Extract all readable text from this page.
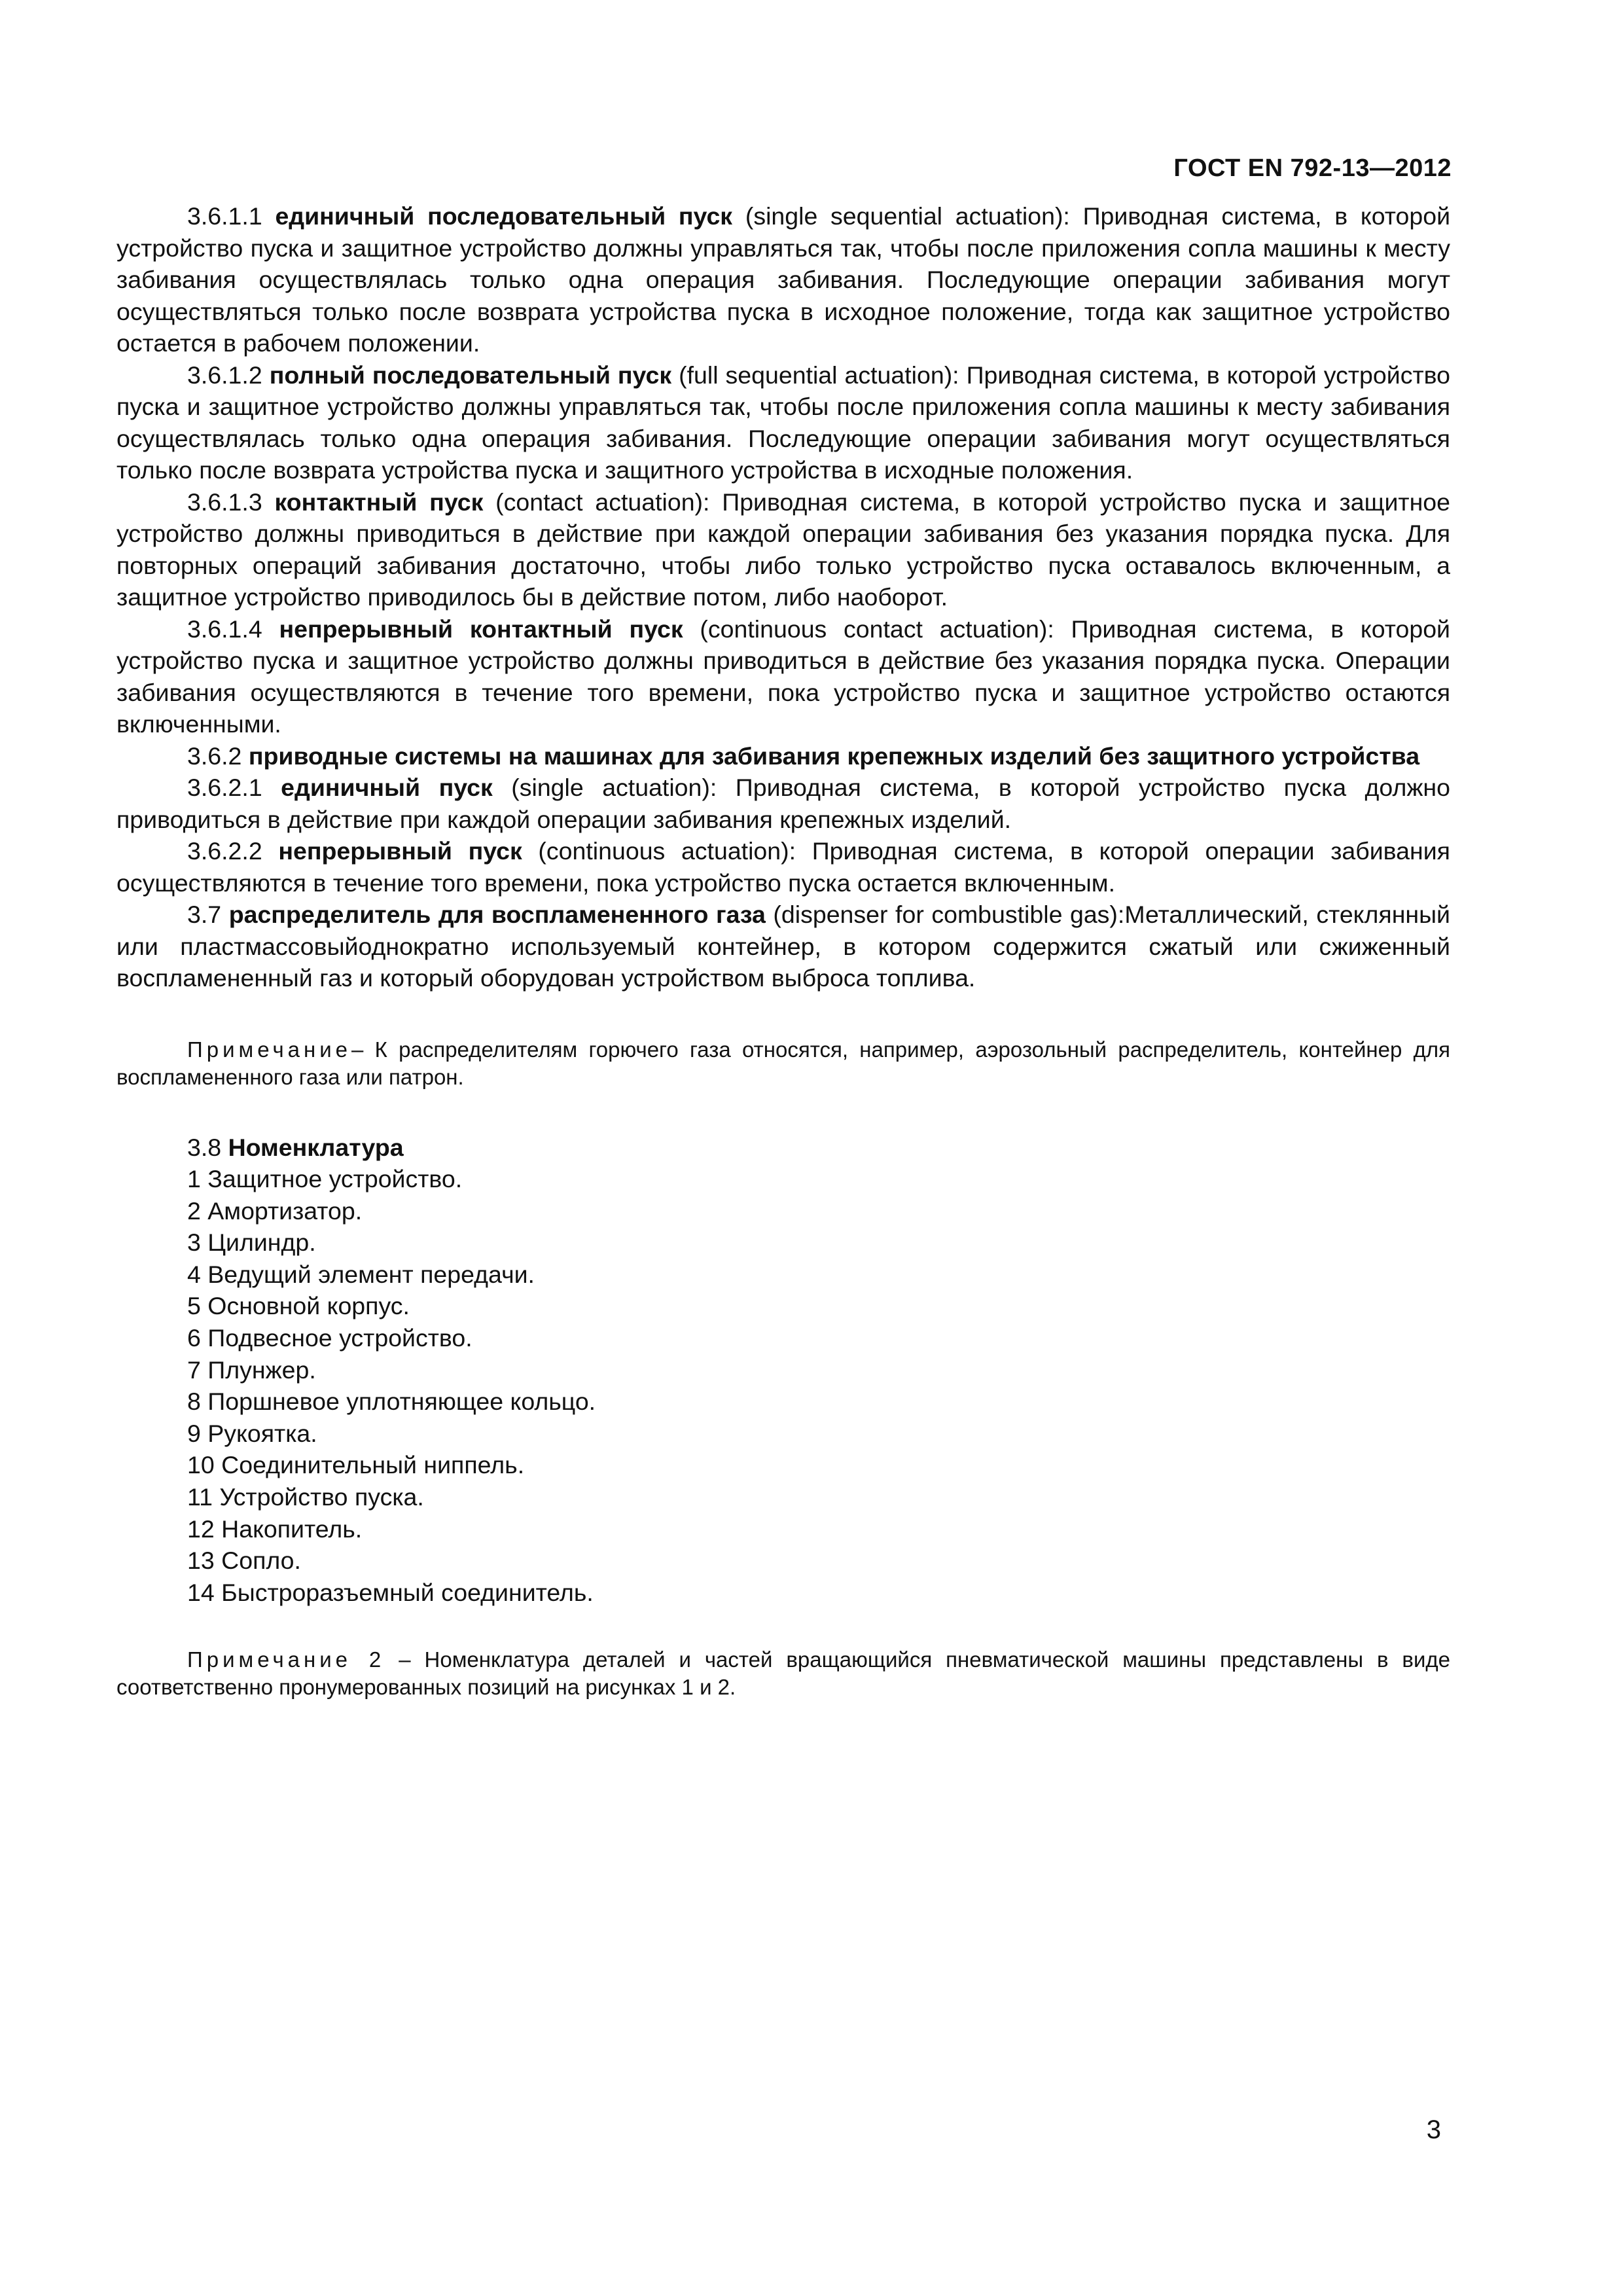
ГОСТ EN 792-13—2012

3.6.1.1 единичный последовательный пуск (single sequential actuation): Приводная система, в которой устройство пуска и защитное устройство должны управляться так, чтобы после приложения сопла машины к месту забивания осуществлялась только одна операция забивания. Последующие операции забивания могут осуществляться только после возврата устройства пуска в исходное положение, тогда как защитное устройство остается в рабочем положении.

3.6.1.2 полный последовательный пуск (full sequential actuation): Приводная система, в которой устройство пуска и защитное устройство должны управляться так, чтобы после приложения сопла машины к месту забивания осуществлялась только одна операция забивания. Последующие операции забивания могут осуществляться только после возврата устройства пуска и защитного устройства в исходные положения.

3.6.1.3 контактный пуск (contact actuation): Приводная система, в которой устройство пуска и защитное устройство должны приводиться в действие при каждой операции забивания без указания порядка пуска. Для повторных операций забивания достаточно, чтобы либо только устройство пуска оставалось включенным, а защитное устройство приводилось бы в действие потом, либо наоборот.

3.6.1.4 непрерывный контактный пуск (continuous contact actuation): Приводная система, в которой устройство пуска и защитное устройство должны приводиться в действие без указания порядка пуска. Операции забивания осуществляются в течение того времени, пока устройство пуска и защитное устройство остаются включенными.

3.6.2 приводные системы на машинах для забивания крепежных изделий без защитного устройства

3.6.2.1 единичный пуск (single actuation): Приводная система, в которой устройство пуска должно приводиться в действие при каждой операции забивания крепежных изделий.

3.6.2.2 непрерывный пуск (continuous actuation): Приводная система, в которой операции забивания осуществляются в течение того времени, пока устройство пуска остается включенным.

3.7 распределитель для воспламененного газа (dispenser for combustible gas):Металлический, стеклянный или пластмассовыйоднократно используемый контейнер, в котором содержится сжатый или сжиженный воспламененный газ и который оборудован устройством выброса топлива.

Примечание– К распределителям горючего газа относятся, например, аэрозольный распределитель, контейнер для воспламененного газа или патрон.

3.8 Номенклатура

1 Защитное устройство.
2 Амортизатор.
3 Цилиндр.
4 Ведущий элемент передачи.
5 Основной корпус.
6 Подвесное устройство.
7 Плунжер.
8 Поршневое уплотняющее кольцо.
9 Рукоятка.
10 Соединительный ниппель.
11 Устройство пуска.
12 Накопитель.
13 Сопло.
14 Быстроразъемный соединитель.

Примечание 2 – Номенклатура деталей и частей вращающийся пневматической машины представлены в виде соответственно пронумерованных позиций на рисунках 1 и 2.

3
